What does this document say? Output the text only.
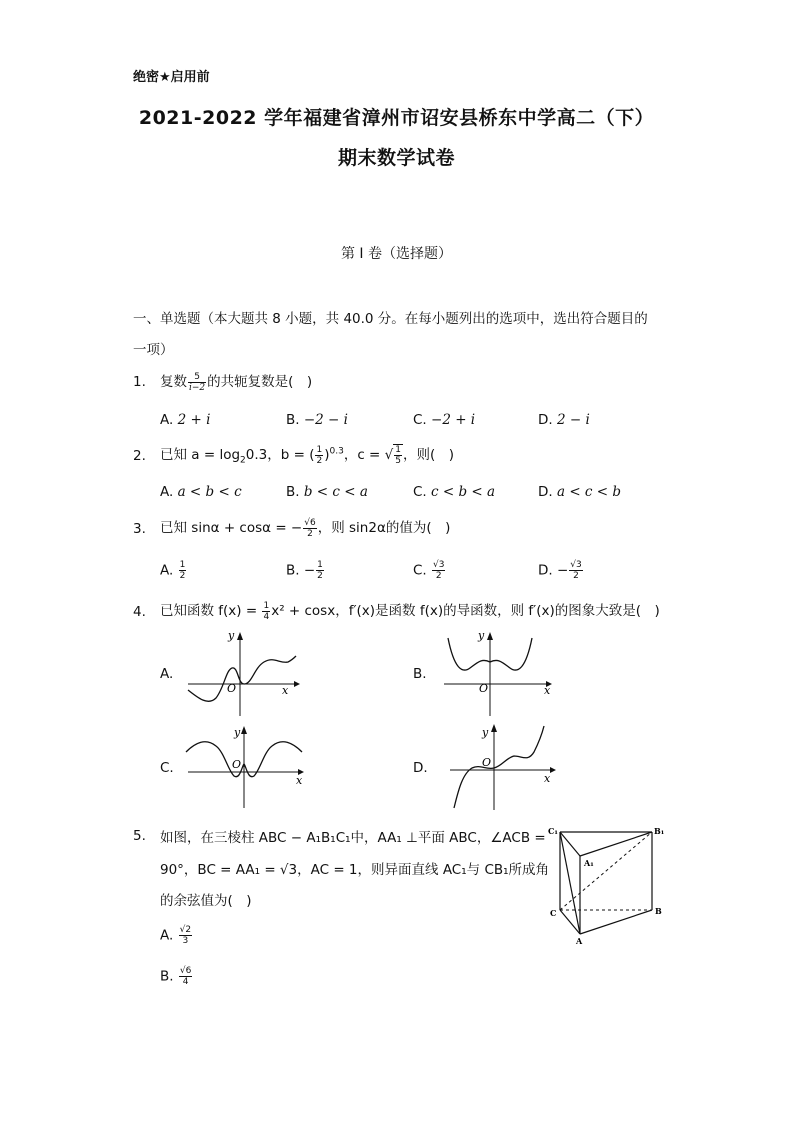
绝密★启用前
2021-2022 学年福建省漳州市诏安县桥东中学高二（下）
期末数学试卷
第 I 卷（选择题）
一、单选题（本大题共 8 小题，共 40.0 分。在每小题列出的选项中，选出符合题目的
一项）
1. 复数 $\frac{5}{i-2}$ 的共轭复数是(　)
A. 2 + i	B. −2 − i	C. −2 + i	D. 2 − i
2. 已知 $a = \log_20.3$，b = ( $\frac{1}{2} )^{0.3}$，c = √ $\frac{1}{5}$ ，则(　)
A. a < b < c	B. b < c < a	C. c < b < a	D. a < c < b
3. 已知 sinα + cosα = − $\frac{√6}{2}$ ，则 sin2α的值为(　)
A. $\frac{1}{2}$	B. − $\frac{1}{2}$	C. $\frac{√3}{2}$	D. − $\frac{√3}{2}$
4. 已知函数 $f(x) = \frac{1}{4} x^2 + \cos x$，f′(x)是函数 f(x)的导函数，则 f′(x)的图象大致是(　)
A.	B.
C.	D.
y
O	x
y
O	x
y
O
x
y
O
x
5. 如图，在三棱柱 ABC − A₁B₁C₁中，AA₁ ⊥平面 ABC，∠ACB =
90°，BC = AA₁ = √3，AC = 1，则异面直线 AC₁与 CB₁所成角
的余弦值为(　)
A. $\frac{√2}{3}$
B. $\frac{√6}{4}$
C₁	B₁
A₁
C	B
A
